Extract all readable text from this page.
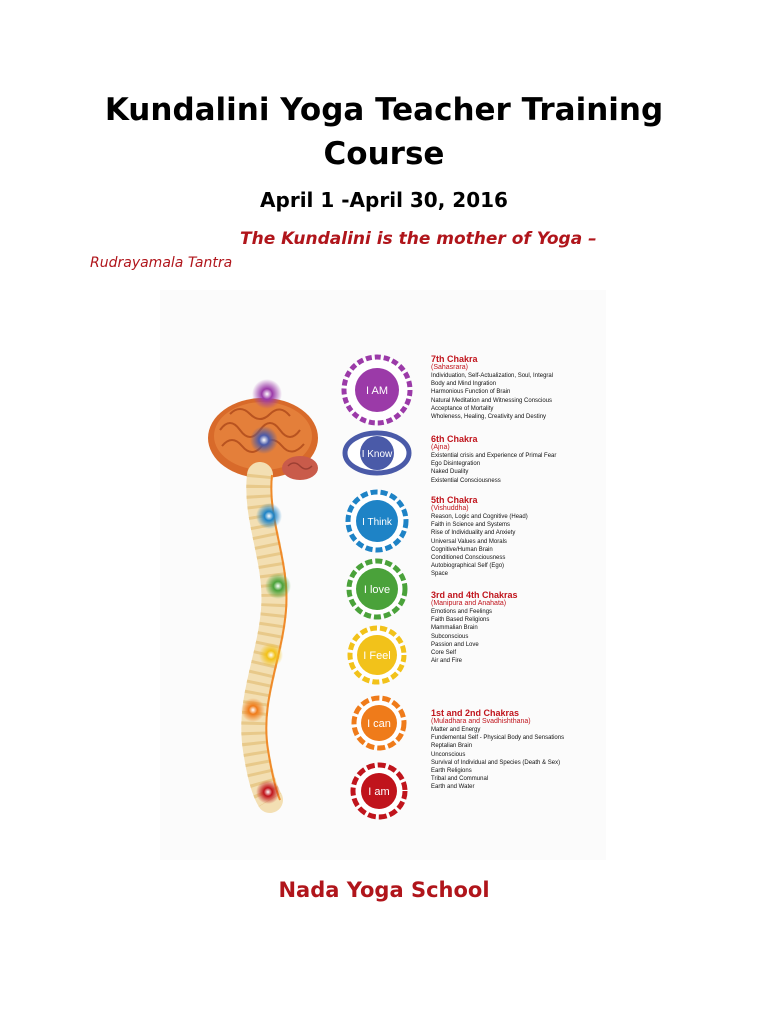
Kundalini Yoga Teacher Training Course
April 1 -April 30, 2016
The Kundalini is the mother of Yoga –
Rudrayamala Tantra
I AM
I Know
I Think
I love
I Feel
I can
I am
7th Chakra
(Sahasrara)
Individuation, Self-Actualization, Soul, Integral
Body and Mind Ingration
Harmonious Function of Brain
Natural Meditation and Witnessing Conscious
Acceptance of Mortality
Wholeness, Healing, Creativity and Destiny
6th Chakra
(Ajna)
Existential crisis and Experience of Primal Fear
Ego Disintegration
Naked Duality
Existential Consciousness
5th Chakra
(Vishuddha)
Reason, Logic and Cognitive (Head)
Faith in Science and Systems
Rise of Individuality and Anxiety
Universal Values and Morals
Cognitive/Human Brain
Conditioned Consciousness
Autobiographical Self (Ego)
Space
3rd and 4th Chakras
(Manipura and Anahata)
Emotions and Feelings
Faith Based Religions
Mammalian Brain
Subconscious
Passion and Love
Core Self
Air and Fire
1st and 2nd Chakras
(Muladhara and Svadhishthana)
Matter and Energy
Fundemental Self - Physical Body and Sensations
Reptalian Brain
Unconscious
Survival of Individual and Species (Death & Sex)
Earth Religions
Tribal and Communal
Earth and Water
Nada Yoga School
